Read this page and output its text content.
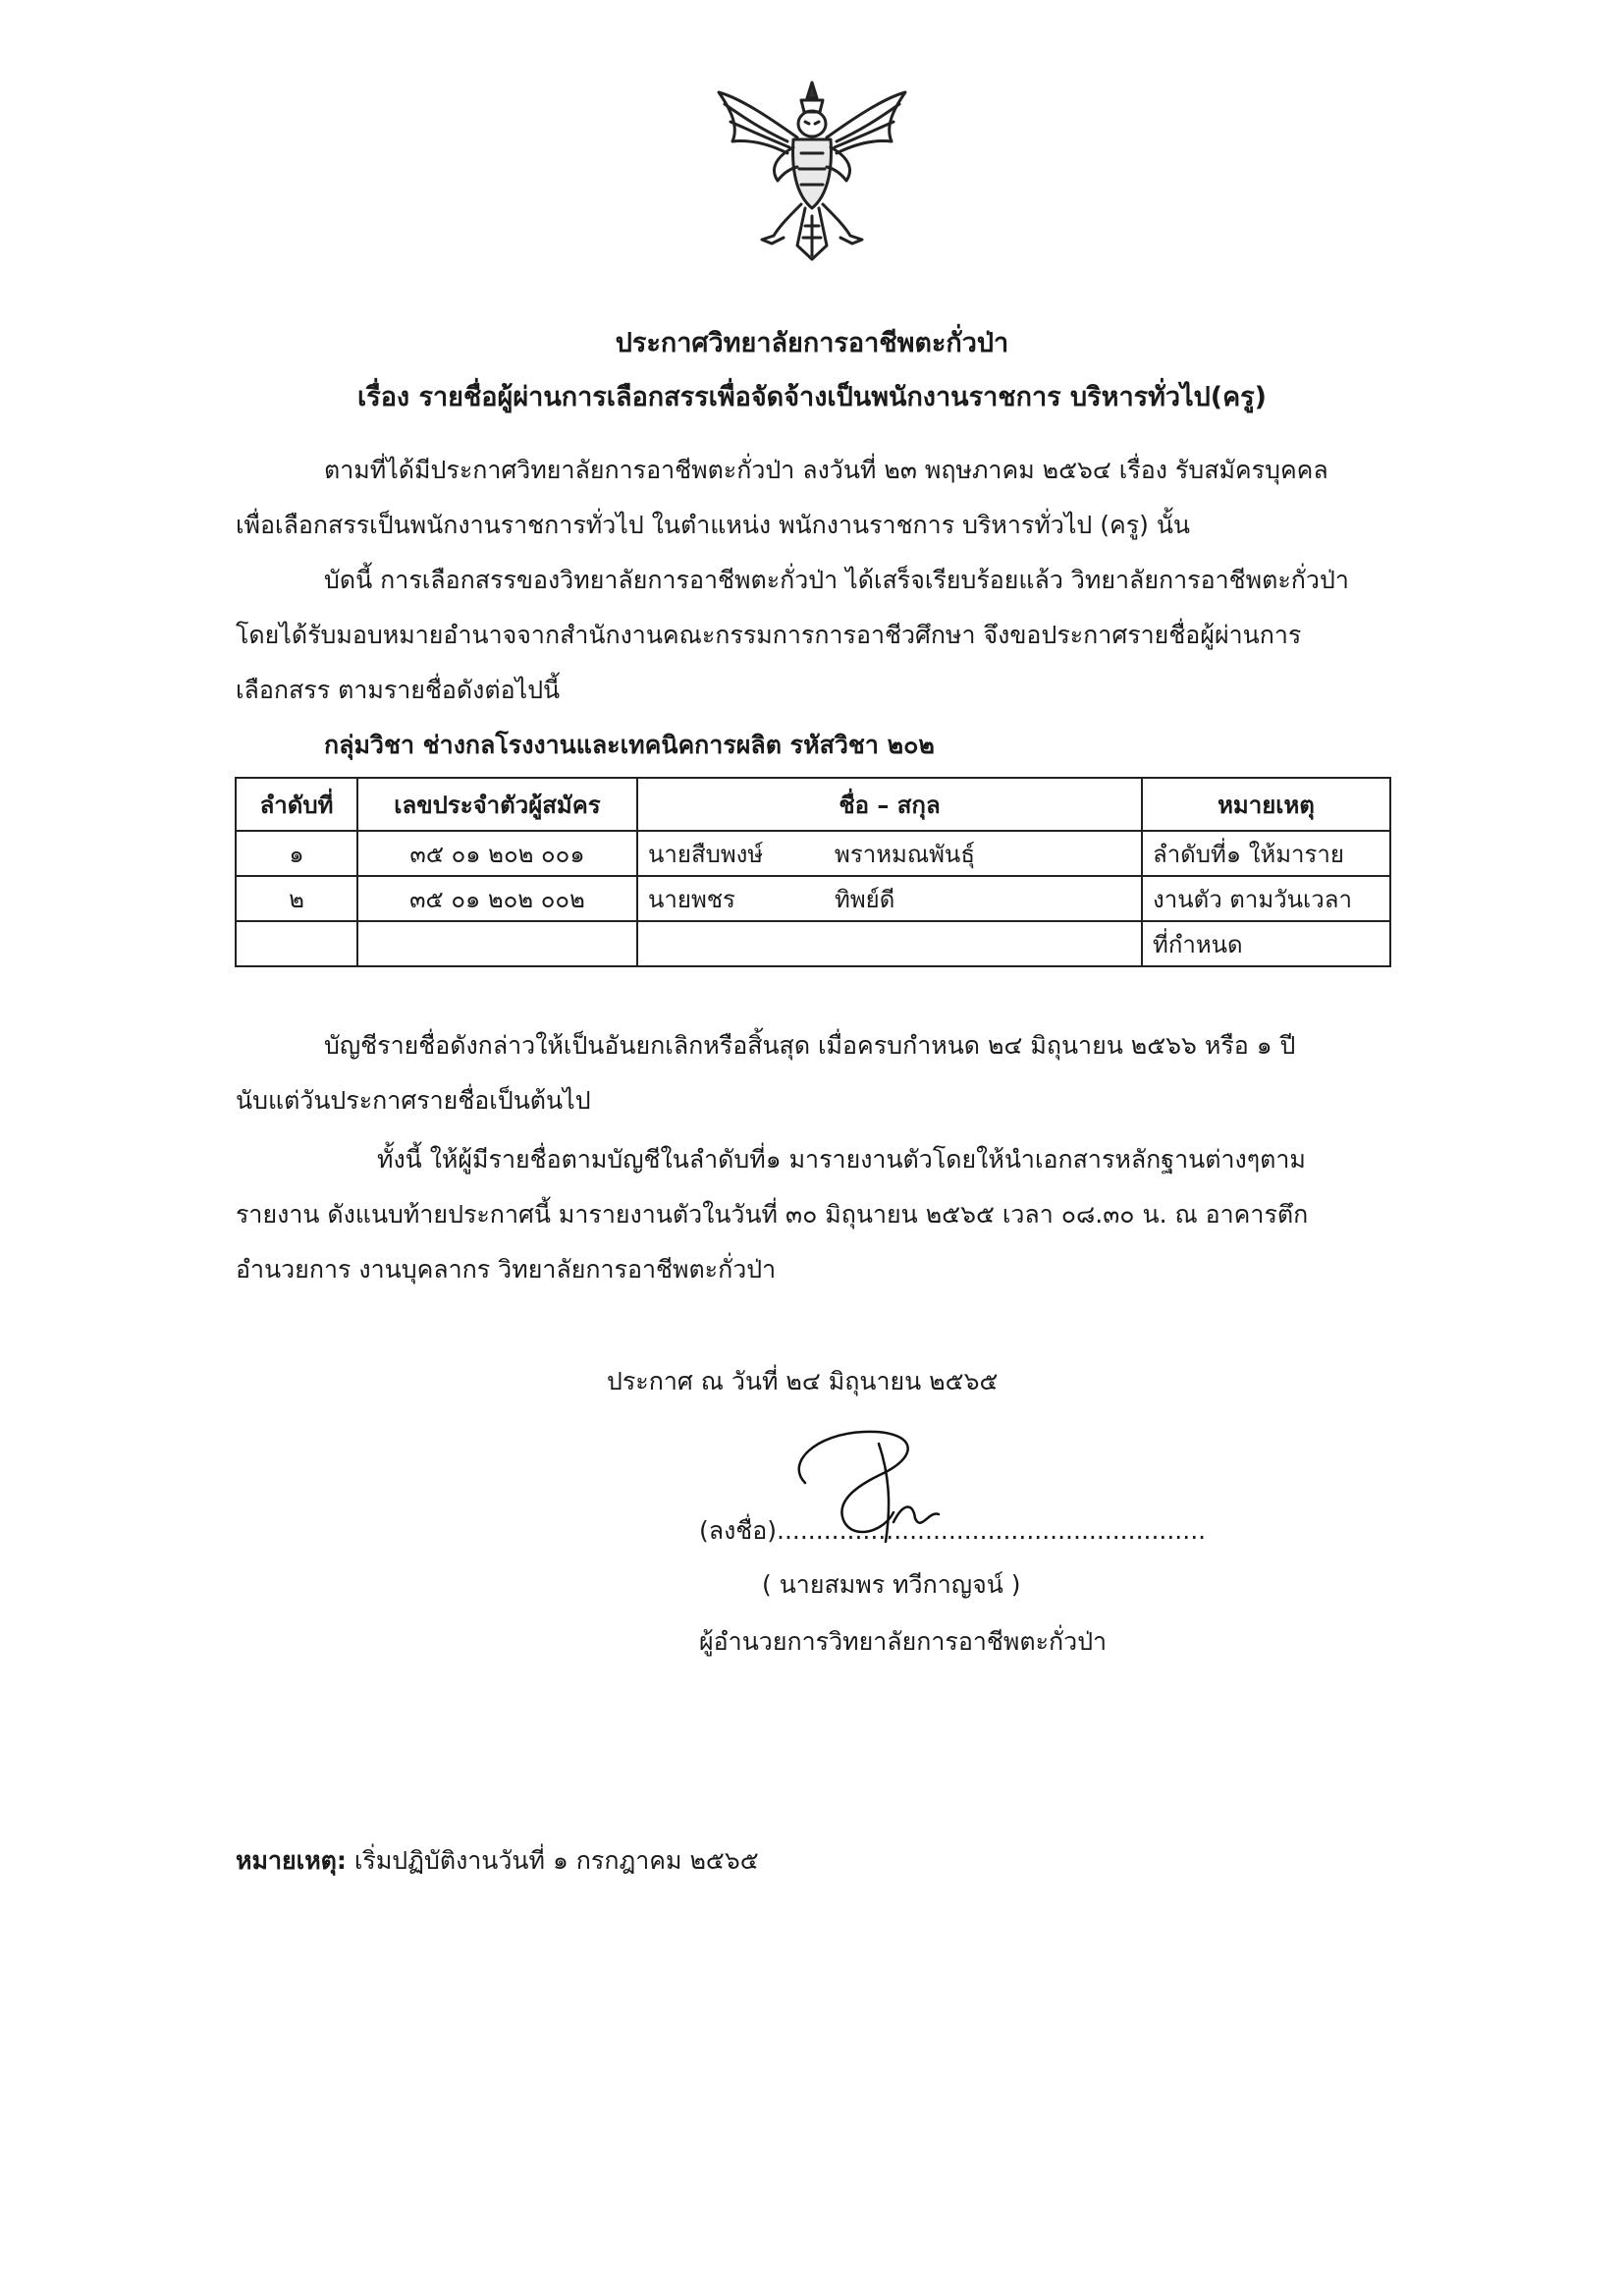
ประกาศวิทยาลัยการอาชีพตะกั่วป่า
เรื่อง รายชื่อผู้ผ่านการเลือกสรรเพื่อจัดจ้างเป็นพนักงานราชการ บริหารทั่วไป(ครู)
ตามที่ได้มีประกาศวิทยาลัยการอาชีพตะกั่วป่า ลงวันที่ ๒๓ พฤษภาคม ๒๕๖๔ เรื่อง รับสมัครบุคคล
เพื่อเลือกสรรเป็นพนักงานราชการทั่วไป ในตำแหน่ง พนักงานราชการ บริหารทั่วไป (ครู) นั้น
บัดนี้ การเลือกสรรของวิทยาลัยการอาชีพตะกั่วป่า ได้เสร็จเรียบร้อยแล้ว วิทยาลัยการอาชีพตะกั่วป่า
โดยได้รับมอบหมายอำนาจจากสำนักงานคณะกรรมการการอาชีวศึกษา จึงขอประกาศรายชื่อผู้ผ่านการ
เลือกสรร ตามรายชื่อดังต่อไปนี้
กลุ่มวิชา ช่างกลโรงงานและเทคนิคการผลิต รหัสวิชา ๒๐๒
ลำดับที่	เลขประจำตัวผู้สมัคร	ชื่อ – สกุล	หมายเหตุ
๑	๓๕ ๐๑ ๒๐๒ ๐๐๑	นายสืบพงษ์ พราหมณพันธุ์	ลำดับที่๑ ให้มาราย
๒	๓๕ ๐๑ ๒๐๒ ๐๐๒	นายพชร ทิพย์ดี	งานตัว ตามวันเวลา
			ที่กำหนด
บัญชีรายชื่อดังกล่าวให้เป็นอันยกเลิกหรือสิ้นสุด เมื่อครบกำหนด ๒๔ มิถุนายน ๒๕๖๖ หรือ ๑ ปี
นับแต่วันประกาศรายชื่อเป็นต้นไป
ทั้งนี้ ให้ผู้มีรายชื่อตามบัญชีในลำดับที่๑ มารายงานตัวโดยให้นำเอกสารหลักฐานต่างๆตาม
รายงาน ดังแนบท้ายประกาศนี้ มารายงานตัวในวันที่ ๓๐ มิถุนายน ๒๕๖๕ เวลา ๐๘.๓๐ น. ณ อาคารตึก
อำนวยการ งานบุคลากร วิทยาลัยการอาชีพตะกั่วป่า
ประกาศ ณ วันที่ ๒๔ มิถุนายน ๒๕๖๕
(ลงชื่อ).......................................................
( นายสมพร ทวีกาญจน์ )
ผู้อำนวยการวิทยาลัยการอาชีพตะกั่วป่า
หมายเหตุ: เริ่มปฏิบัติงานวันที่ ๑ กรกฎาคม ๒๕๖๕
